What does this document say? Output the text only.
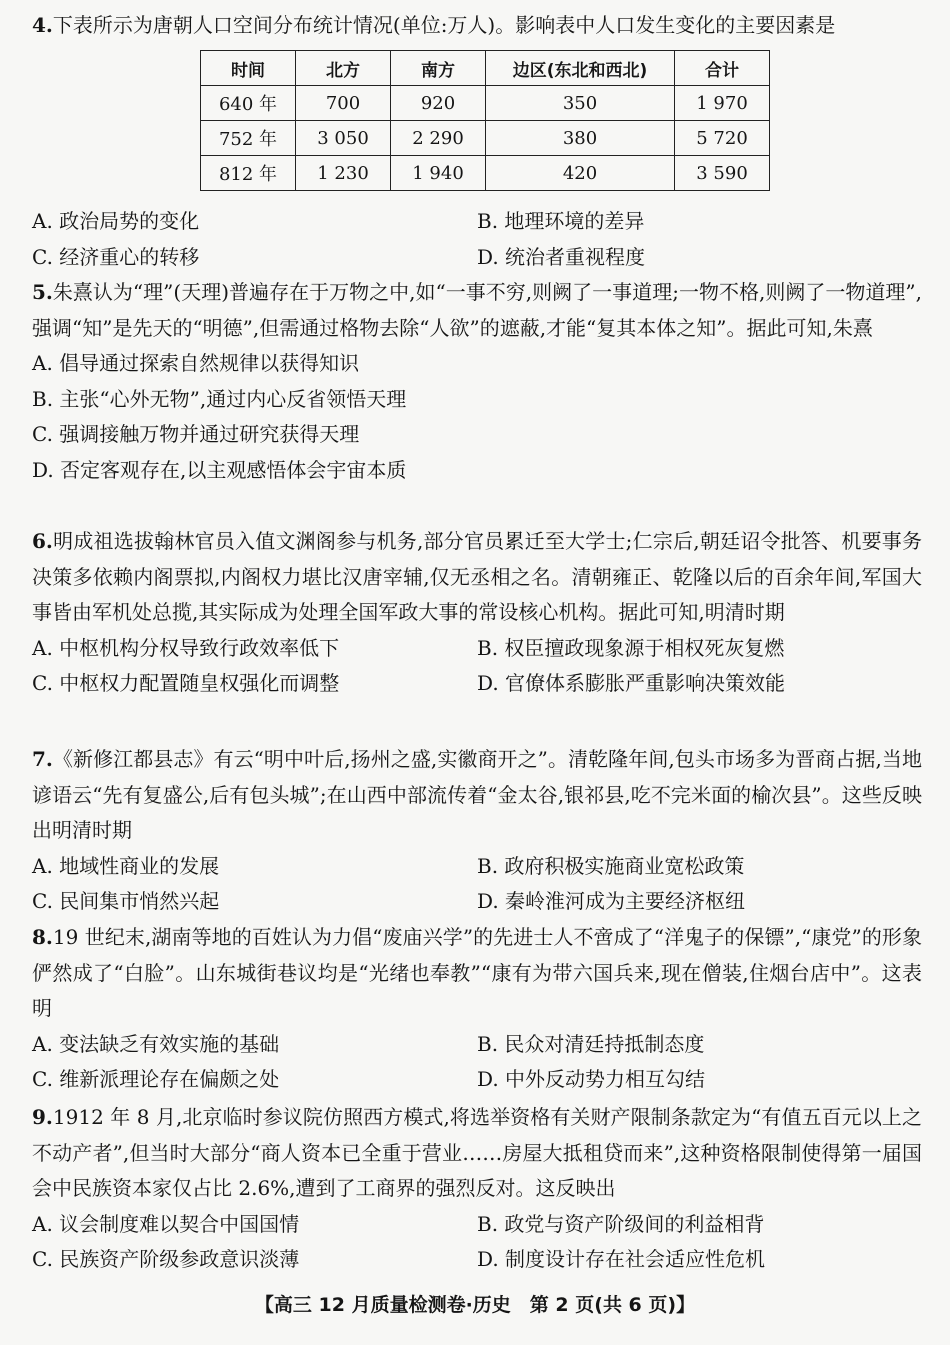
4.下表所示为唐朝人口空间分布统计情况(单位:万人)。影响表中人口发生变化的主要因素是
时间	北方	南方	边区(东北和西北)	合计
640 年	700	920	350	1 970
752 年	3 050	2 290	380	5 720
812 年	1 230	1 940	420	3 590
A. 政治局势的变化	B. 地理环境的差异
C. 经济重心的转移	D. 统治者重视程度
5.朱熹认为“理”(天理)普遍存在于万物之中,如“一事不穷,则阙了一事道理;一物不格,则阙了一物道理”,强调“知”是先天的“明德”,但需通过格物去除“人欲”的遮蔽,才能“复其本体之知”。据此可知,朱熹
A. 倡导通过探索自然规律以获得知识
B. 主张“心外无物”,通过内心反省领悟天理
C. 强调接触万物并通过研究获得天理
D. 否定客观存在,以主观感悟体会宇宙本质
6.明成祖选拔翰林官员入值文渊阁参与机务,部分官员累迁至大学士;仁宗后,朝廷诏令批答、机要事务决策多依赖内阁票拟,内阁权力堪比汉唐宰辅,仅无丞相之名。清朝雍正、乾隆以后的百余年间,军国大事皆由军机处总揽,其实际成为处理全国军政大事的常设核心机构。据此可知,明清时期
A. 中枢机构分权导致行政效率低下	B. 权臣擅政现象源于相权死灰复燃
C. 中枢权力配置随皇权强化而调整	D. 官僚体系膨胀严重影响决策效能
7.《新修江都县志》有云“明中叶后,扬州之盛,实徽商开之”。清乾隆年间,包头市场多为晋商占据,当地谚语云“先有复盛公,后有包头城”;在山西中部流传着“金太谷,银祁县,吃不完米面的榆次县”。这些反映出明清时期
A. 地域性商业的发展	B. 政府积极实施商业宽松政策
C. 民间集市悄然兴起	D. 秦岭淮河成为主要经济枢纽
8.19 世纪末,湖南等地的百姓认为力倡“废庙兴学”的先进士人不啻成了“洋鬼子的保镖”,“康党”的形象俨然成了“白脸”。山东城街巷议均是“光绪也奉教”“康有为带六国兵来,现在僧装,住烟台店中”。这表明
A. 变法缺乏有效实施的基础	B. 民众对清廷持抵制态度
C. 维新派理论存在偏颇之处	D. 中外反动势力相互勾结
9.1912 年 8 月,北京临时参议院仿照西方模式,将选举资格有关财产限制条款定为“有值五百元以上之不动产者”,但当时大部分“商人资本已全重于营业……房屋大抵租贷而来”,这种资格限制使得第一届国会中民族资本家仅占比 2.6%,遭到了工商界的强烈反对。这反映出
A. 议会制度难以契合中国国情	B. 政党与资产阶级间的利益相背
C. 民族资产阶级参政意识淡薄	D. 制度设计存在社会适应性危机
【高三 12 月质量检测卷·历史　第 2 页(共 6 页)】
